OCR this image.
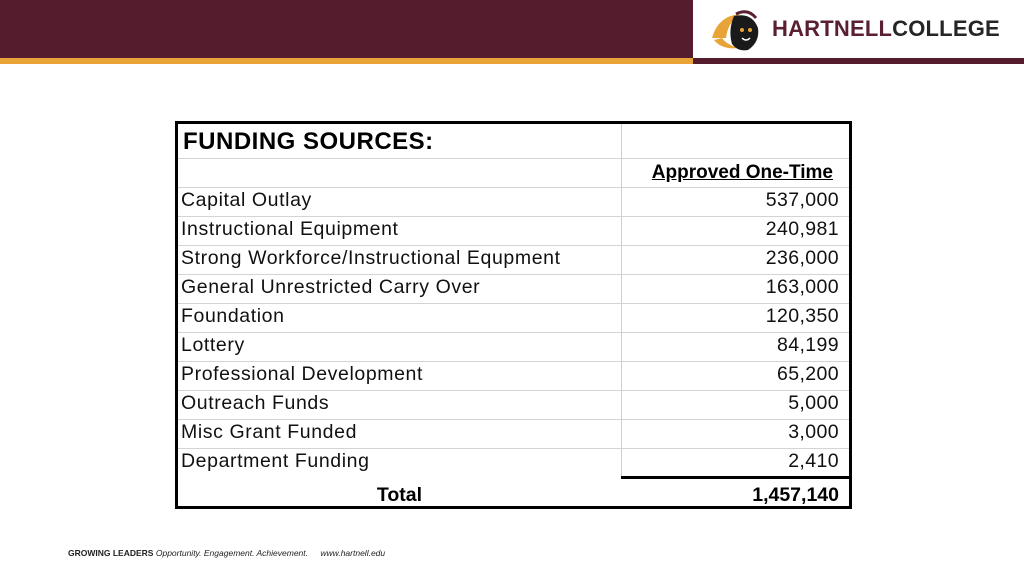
HARTNELLCOLLEGE
FUNDING SOURCES:
Approved One-Time
Capital Outlay	537,000
Instructional Equipment	240,981
Strong Workforce/Instructional Equpment	236,000
General Unrestricted Carry Over	163,000
Foundation	120,350
Lottery	84,199
Professional Development	65,200
Outreach Funds	5,000
Misc Grant Funded	3,000
Department Funding	2,410
Total	1,457,140
GROWING LEADERS Opportunity. Engagement. Achievement. www.hartnell.edu
